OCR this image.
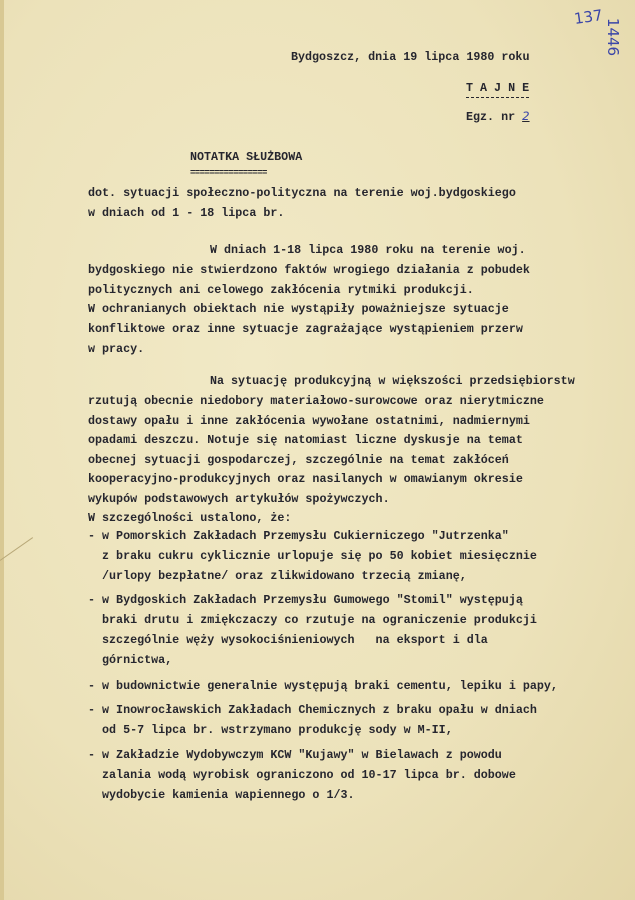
137
1446
Bydgoszcz, dnia 19 lipca 1980 roku
T A J N E
Egz. nr 2
NOTATKA SŁUŻBOWA
================
dot. sytuacji społeczno-polityczna na terenie woj.bydgoskiego
w dniach od 1 - 18 lipca br.
W dniach 1-18 lipca 1980 roku na terenie woj.
bydgoskiego nie stwierdzono faktów wrogiego działania z pobudek
politycznych ani celowego zakłócenia rytmiki produkcji.
W ochranianych obiektach nie wystąpiły poważniejsze sytuacje
konfliktowe oraz inne sytuacje zagrażające wystąpieniem przerw
w pracy.
Na sytuację produkcyjną w większości przedsiębiorstw
rzutują obecnie niedobory materiałowo-surowcowe oraz nierytmiczne
dostawy opału i inne zakłócenia wywołane ostatnimi, nadmiernymi
opadami deszczu. Notuje się natomiast liczne dyskusje na temat
obecnej sytuacji gospodarczej, szczególnie na temat zakłóceń
kooperacyjno-produkcyjnych oraz nasilanych w omawianym okresie
wykupów podstawowych artykułów spożywczych.
W szczególności ustalono, że:
- w Pomorskich Zakładach Przemysłu Cukierniczego "Jutrzenka"
z braku cukru cyklicznie urlopuje się po 50 kobiet miesięcznie
/urlopy bezpłatne/ oraz zlikwidowano trzecią zmianę,
- w Bydgoskich Zakładach Przemysłu Gumowego "Stomil" występują
braki drutu i zmiękczaczy co rzutuje na ograniczenie produkcji
szczególnie węży wysokociśnieniowych   na eksport i dla
górnictwa,
- w budownictwie generalnie występują braki cementu, lepiku i papy,
- w Inowrocławskich Zakładach Chemicznych z braku opału w dniach
od 5-7 lipca br. wstrzymano produkcję sody w M-II,
- w Zakładzie Wydobywczym KCW "Kujawy" w Bielawach z powodu
zalania wodą wyrobisk ograniczono od 10-17 lipca br. dobowe
wydobycie kamienia wapiennego o 1/3.
